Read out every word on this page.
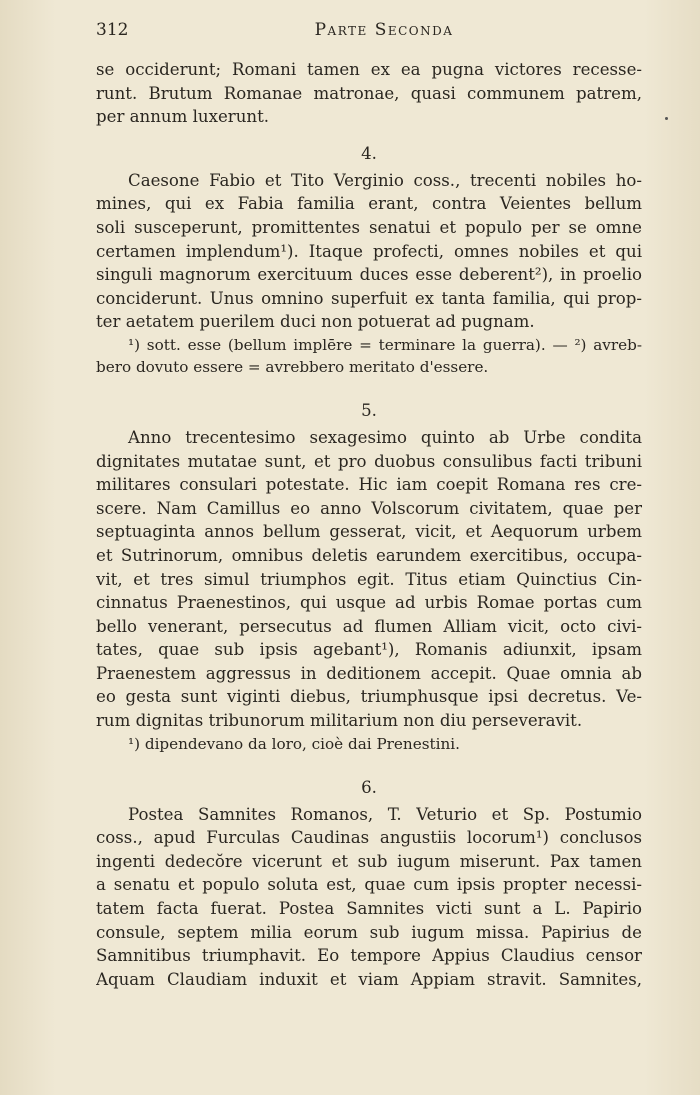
312	Parte Seconda
se occiderunt; Romani tamen ex ea pugna victores recesse-
runt. Brutum Romanae matronae, quasi communem patrem,
per annum luxerunt.
4.
Caesone Fabio et Tito Verginio coss., trecenti nobiles ho-
mines, qui ex Fabia familia erant, contra Veientes bellum
soli susceperunt, promittentes senatui et populo per se omne
certamen implendum¹). Itaque profecti, omnes nobiles et qui
singuli magnorum exercituum duces esse deberent²), in proelio
conciderunt. Unus omnino superfuit ex tanta familia, qui prop-
ter aetatem puerilem duci non potuerat ad pugnam.
¹) sott. esse (bellum implēre = terminare la guerra). — ²) avreb-
bero dovuto essere = avrebbero meritato d'essere.
5.
Anno trecentesimo sexagesimo quinto ab Urbe condita
dignitates mutatae sunt, et pro duobus consulibus facti tribuni
militares consulari potestate. Hic iam coepit Romana res cre-
scere. Nam Camillus eo anno Volscorum civitatem, quae per
septuaginta annos bellum gesserat, vicit, et Aequorum urbem
et Sutrinorum, omnibus deletis earundem exercitibus, occupa-
vit, et tres simul triumphos egit. Titus etiam Quinctius Cin-
cinnatus Praenestinos, qui usque ad urbis Romae portas cum
bello venerant, persecutus ad flumen Alliam vicit, octo civi-
tates, quae sub ipsis agebant¹), Romanis adiunxit, ipsam
Praenestem aggressus in deditionem accepit. Quae omnia ab
eo gesta sunt viginti diebus, triumphusque ipsi decretus. Ve-
rum dignitas tribunorum militarium non diu perseveravit.
¹) dipendevano da loro, cioè dai Prenestini.
6.
Postea Samnites Romanos, T. Veturio et Sp. Postumio
coss., apud Furculas Caudinas angustiis locorum¹) conclusos
ingenti dedecŏre vicerunt et sub iugum miserunt. Pax tamen
a senatu et populo soluta est, quae cum ipsis propter necessi-
tatem facta fuerat. Postea Samnites victi sunt a L. Papirio
consule, septem milia eorum sub iugum missa. Papirius de
Samnitibus triumphavit. Eo tempore Appius Claudius censor
Aquam Claudiam induxit et viam Appiam stravit. Samnites,
